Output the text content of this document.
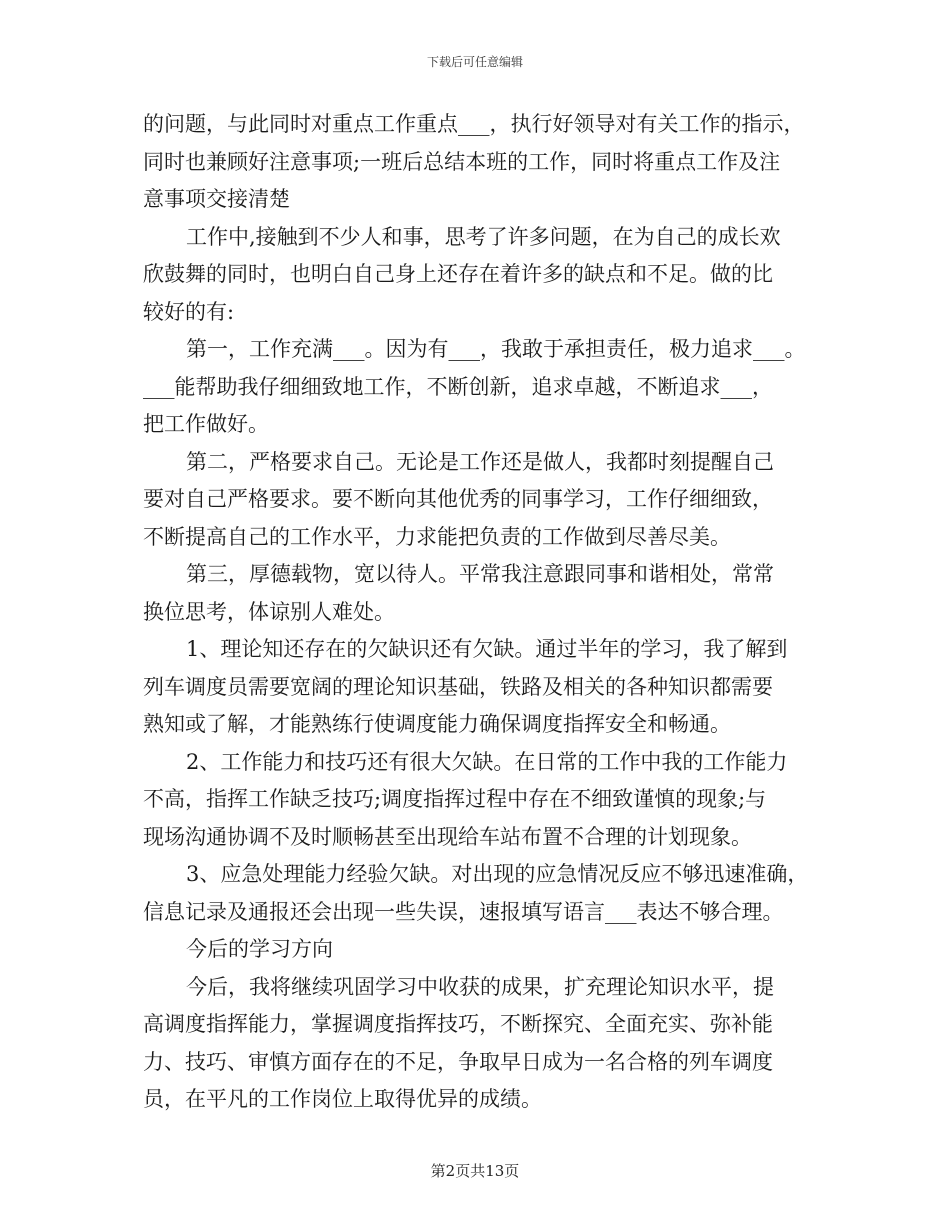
下载后可任意编辑
的问题，与此同时对重点工作重点___，执行好领导对有关工作的指示，
同时也兼顾好注意事项;一班后总结本班的工作，同时将重点工作及注
意事项交接清楚
工作中,接触到不少人和事，思考了许多问题，在为自己的成长欢
欣鼓舞的同时，也明白自己身上还存在着许多的缺点和不足。做的比
较好的有:
第一，工作充满___。因为有___，我敢于承担责任，极力追求___。
___能帮助我仔细细致地工作，不断创新，追求卓越，不断追求___，
把工作做好。
第二，严格要求自己。无论是工作还是做人，我都时刻提醒自己
要对自己严格要求。要不断向其他优秀的同事学习，工作仔细细致，
不断提高自己的工作水平，力求能把负责的工作做到尽善尽美。
第三，厚德载物，宽以待人。平常我注意跟同事和谐相处，常常
换位思考，体谅别人难处。
1、理论知还存在的欠缺识还有欠缺。通过半年的学习，我了解到
列车调度员需要宽阔的理论知识基础，铁路及相关的各种知识都需要
熟知或了解，才能熟练行使调度能力确保调度指挥安全和畅通。
2、工作能力和技巧还有很大欠缺。在日常的工作中我的工作能力
不高，指挥工作缺乏技巧;调度指挥过程中存在不细致谨慎的现象;与
现场沟通协调不及时顺畅甚至出现给车站布置不合理的计划现象。
3、应急处理能力经验欠缺。对出现的应急情况反应不够迅速准确，
信息记录及通报还会出现一些失误，速报填写语言___表达不够合理。
今后的学习方向
今后，我将继续巩固学习中收获的成果，扩充理论知识水平，提
高调度指挥能力，掌握调度指挥技巧，不断探究、全面充实、弥补能
力、技巧、审慎方面存在的不足，争取早日成为一名合格的列车调度
员，在平凡的工作岗位上取得优异的成绩。
第2页共13页
